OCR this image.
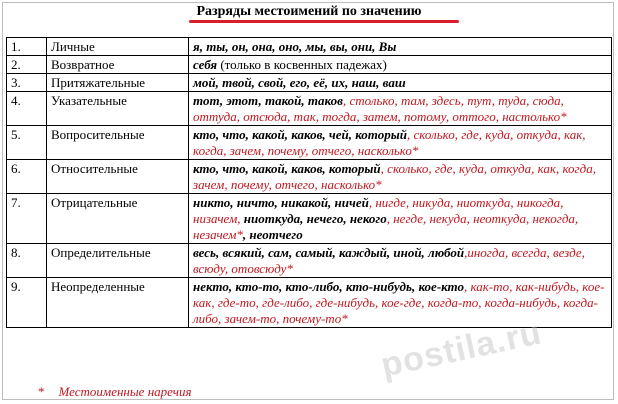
Разряды местоимений по значению
1.	Личные	я, ты, он, она, оно, мы, вы, они, Вы
2.	Возвратное	себя (только в косвенных падежах)
3.	Притяжательные	мой, твой, свой, его, её, их, наш, ваш
4.	Указательные	тот, этот, такой, таков, столько, там, здесь, тут, туда, сюда, оттуда, отсюда, так, тогда, затем, потому, оттого, настолько*
5.	Вопросительные	кто, что, какой, каков, чей, который, сколько, где, куда, откуда, как, когда, зачем, почему, отчего, насколько*
6.	Относительные	кто, что, какой, каков, который, сколько, где, куда, откуда, как, когда, зачем, почему, отчего, насколько*
7.	Отрицательные	никто, ничто, никакой, ничей, нигде, никуда, ниоткуда, никогда, низачем, ниоткуда, нечего, некого, негде, некуда, неоткуда, некогда, незачем*, неотчего
8.	Определительные	весь, всякий, сам, самый, каждый, иной, любой,иногда, всегда, везде, всюду, отовсюду*
9.	Неопределенные	некто, кто-то, кто-либо, кто-нибудь, кое-кто, как-то, как-нибудь, кое-как, где-то, где-либо, где-нибудь, кое-где, когда-то, когда-нибудь, когда-либо, зачем-то, почему-то*
* Местоименные наречия
postila.ru
